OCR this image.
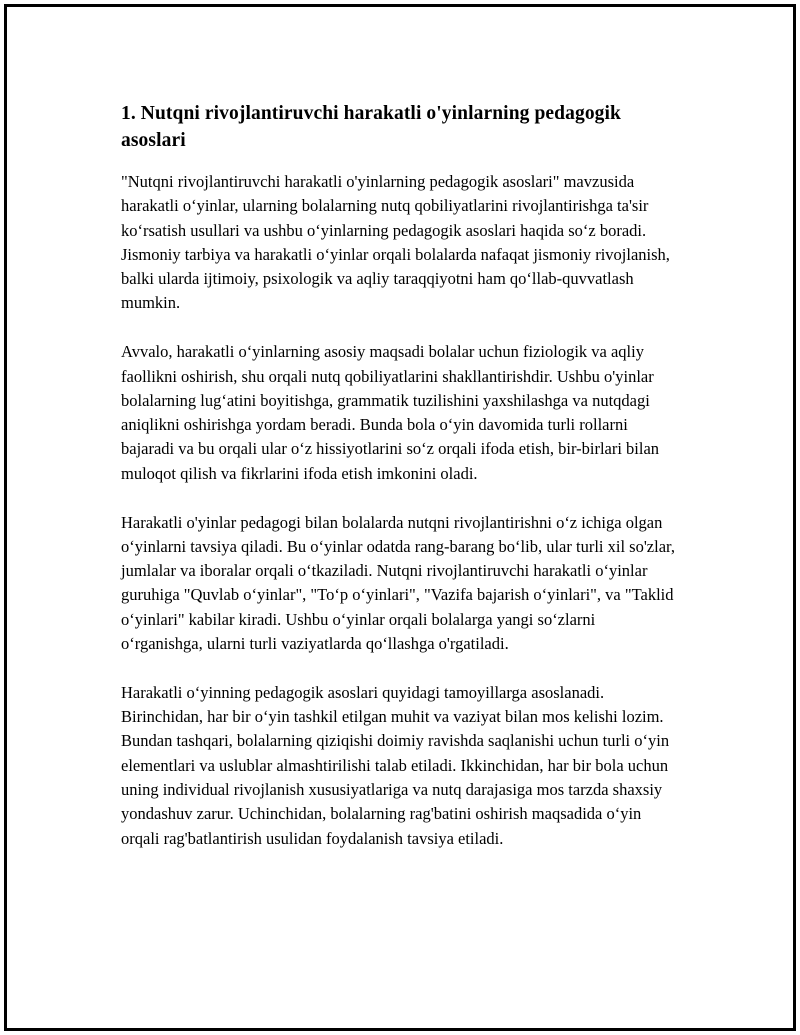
1. Nutqni rivojlantiruvchi harakatli o'yinlarning pedagogik asoslari

"Nutqni rivojlantiruvchi harakatli o'yinlarning pedagogik asoslari" mavzusida harakatli o‘yinlar, ularning bolalarning nutq qobiliyatlarini rivojlantirishga ta'sir ko‘rsatish usullari va ushbu o‘yinlarning pedagogik asoslari haqida so‘z boradi. Jismoniy tarbiya va harakatli o‘yinlar orqali bolalarda nafaqat jismoniy rivojlanish, balki ularda ijtimoiy, psixologik va aqliy taraqqiyotni ham qo‘llab-quvvatlash mumkin.

Avvalo, harakatli o‘yinlarning asosiy maqsadi bolalar uchun fiziologik va aqliy faollikni oshirish, shu orqali nutq qobiliyatlarini shakllantirishdir. Ushbu o'yinlar bolalarning lug‘atini boyitishga, grammatik tuzilishini yaxshilashga va nutqdagi aniqlikni oshirishga yordam beradi. Bunda bola o‘yin davomida turli rollarni bajaradi va bu orqali ular o‘z hissiyotlarini so‘z orqali ifoda etish, bir-birlari bilan muloqot qilish va fikrlarini ifoda etish imkonini oladi.

Harakatli o'yinlar pedagogi bilan bolalarda nutqni rivojlantirishni o‘z ichiga olgan o‘yinlarni tavsiya qiladi. Bu o‘yinlar odatda rang-barang bo‘lib, ular turli xil so'zlar, jumlalar va iboralar orqali o‘tkaziladi. Nutqni rivojlantiruvchi harakatli o‘yinlar guruhiga "Quvlab o‘yinlar", "To‘p o‘yinlari", "Vazifa bajarish o‘yinlari", va "Taklid o‘yinlari" kabilar kiradi. Ushbu o‘yinlar orqali bolalarga yangi so‘zlarni o‘rganishga, ularni turli vaziyatlarda qo‘llashga o'rgatiladi.

Harakatli o‘yinning pedagogik asoslari quyidagi tamoyillarga asoslanadi. Birinchidan, har bir o‘yin tashkil etilgan muhit va vaziyat bilan mos kelishi lozim. Bundan tashqari, bolalarning qiziqishi doimiy ravishda saqlanishi uchun turli o‘yin elementlari va uslublar almashtirilishi talab etiladi. Ikkinchidan, har bir bola uchun uning individual rivojlanish xususiyatlariga va nutq darajasiga mos tarzda shaxsiy yondashuv zarur. Uchinchidan, bolalarning rag'batini oshirish maqsadida o‘yin orqali rag'batlantirish usulidan foydalanish tavsiya etiladi.
